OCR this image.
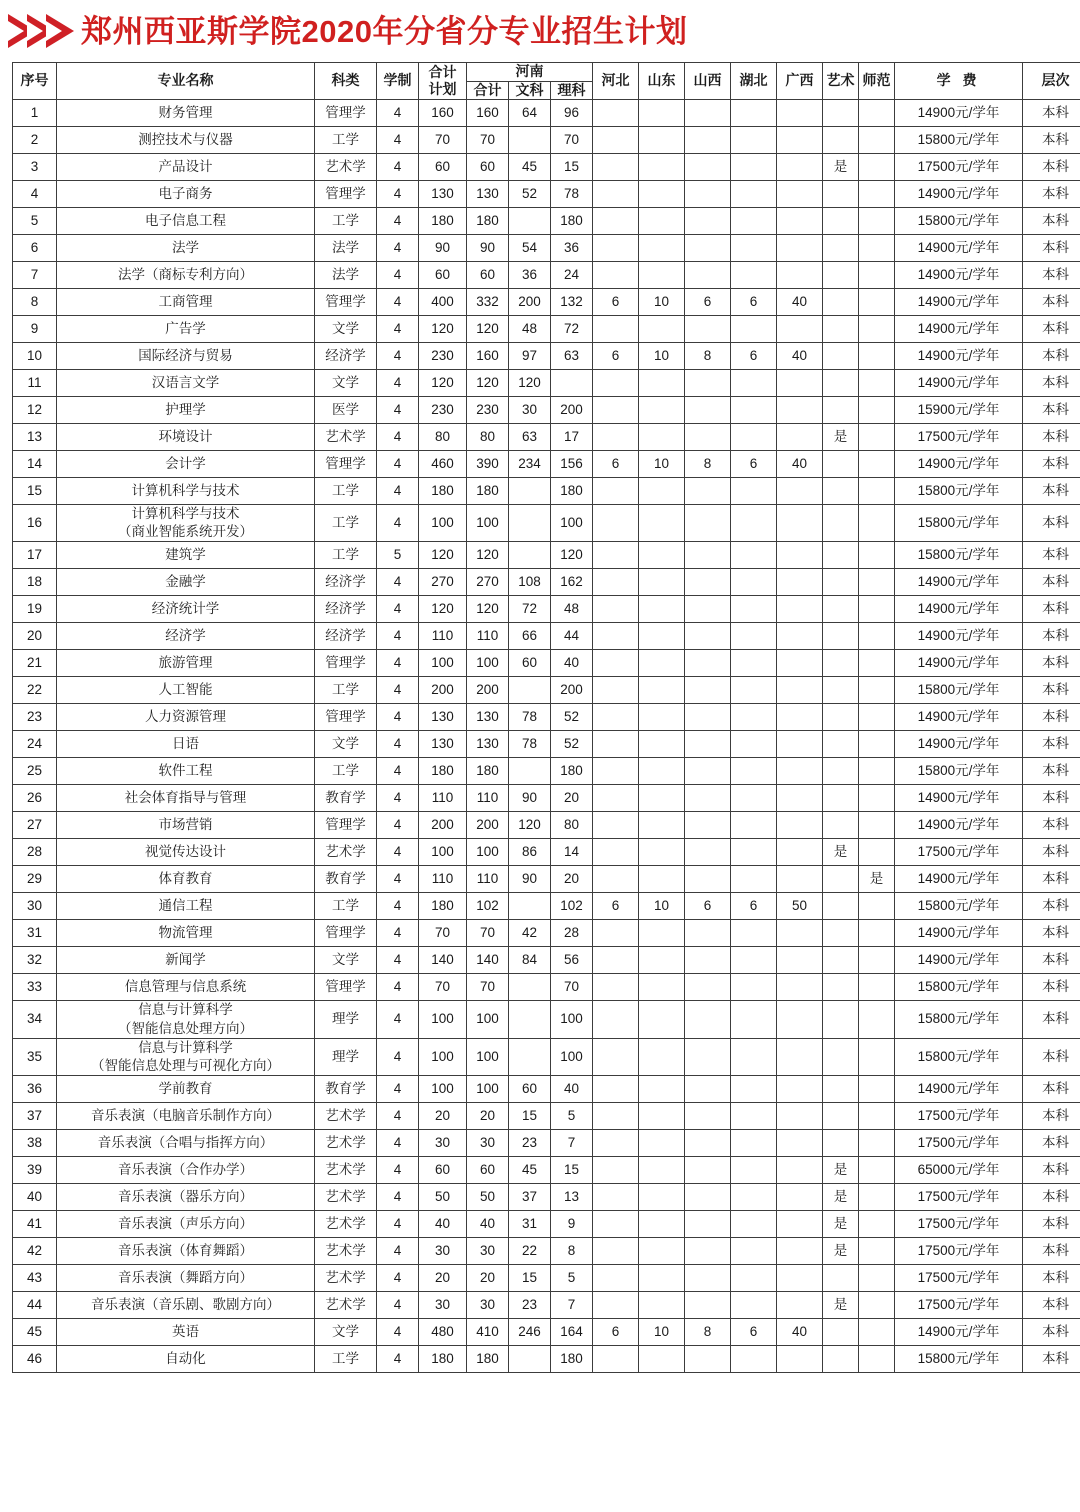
郑州西亚斯学院2020年分省分专业招生计划
序号	专业名称	科类	学制	合计
计划	河南			河北	山东	山西	湖北	广西	艺术	师范	学 费	层次
					合计	文科	理科									
1	财务管理	管理学	4	160	160	64	96								14900元/学年	本科
2	测控技术与仪器	工学	4	70	70		70								15800元/学年	本科
3	产品设计	艺术学	4	60	60	45	15						是		17500元/学年	本科
4	电子商务	管理学	4	130	130	52	78								14900元/学年	本科
5	电子信息工程	工学	4	180	180		180								15800元/学年	本科
6	法学	法学	4	90	90	54	36								14900元/学年	本科
7	法学（商标专利方向）	法学	4	60	60	36	24								14900元/学年	本科
8	工商管理	管理学	4	400	332	200	132	6	10	6	6	40			14900元/学年	本科
9	广告学	文学	4	120	120	48	72								14900元/学年	本科
10	国际经济与贸易	经济学	4	230	160	97	63	6	10	8	6	40			14900元/学年	本科
11	汉语言文学	文学	4	120	120	120									14900元/学年	本科
12	护理学	医学	4	230	230	30	200								15900元/学年	本科
13	环境设计	艺术学	4	80	80	63	17						是		17500元/学年	本科
14	会计学	管理学	4	460	390	234	156	6	10	8	6	40			14900元/学年	本科
15	计算机科学与技术	工学	4	180	180		180								15800元/学年	本科
16	计算机科学与技术
（商业智能系统开发）	工学	4	100	100		100								15800元/学年	本科
17	建筑学	工学	5	120	120		120								15800元/学年	本科
18	金融学	经济学	4	270	270	108	162								14900元/学年	本科
19	经济统计学	经济学	4	120	120	72	48								14900元/学年	本科
20	经济学	经济学	4	110	110	66	44								14900元/学年	本科
21	旅游管理	管理学	4	100	100	60	40								14900元/学年	本科
22	人工智能	工学	4	200	200		200								15800元/学年	本科
23	人力资源管理	管理学	4	130	130	78	52								14900元/学年	本科
24	日语	文学	4	130	130	78	52								14900元/学年	本科
25	软件工程	工学	4	180	180		180								15800元/学年	本科
26	社会体育指导与管理	教育学	4	110	110	90	20								14900元/学年	本科
27	市场营销	管理学	4	200	200	120	80								14900元/学年	本科
28	视觉传达设计	艺术学	4	100	100	86	14						是		17500元/学年	本科
29	体育教育	教育学	4	110	110	90	20							是	14900元/学年	本科
30	通信工程	工学	4	180	102		102	6	10	6	6	50			15800元/学年	本科
31	物流管理	管理学	4	70	70	42	28								14900元/学年	本科
32	新闻学	文学	4	140	140	84	56								14900元/学年	本科
33	信息管理与信息系统	管理学	4	70	70		70								15800元/学年	本科
34	信息与计算科学
（智能信息处理方向）	理学	4	100	100		100								15800元/学年	本科
35	信息与计算科学
（智能信息处理与可视化方向）	理学	4	100	100		100								15800元/学年	本科
36	学前教育	教育学	4	100	100	60	40								14900元/学年	本科
37	音乐表演（电脑音乐制作方向）	艺术学	4	20	20	15	5								17500元/学年	本科
38	音乐表演（合唱与指挥方向）	艺术学	4	30	30	23	7								17500元/学年	本科
39	音乐表演（合作办学）	艺术学	4	60	60	45	15						是		65000元/学年	本科
40	音乐表演（器乐方向）	艺术学	4	50	50	37	13						是		17500元/学年	本科
41	音乐表演（声乐方向）	艺术学	4	40	40	31	9						是		17500元/学年	本科
42	音乐表演（体育舞蹈）	艺术学	4	30	30	22	8						是		17500元/学年	本科
43	音乐表演（舞蹈方向）	艺术学	4	20	20	15	5								17500元/学年	本科
44	音乐表演（音乐剧、歌剧方向）	艺术学	4	30	30	23	7						是		17500元/学年	本科
45	英语	文学	4	480	410	246	164	6	10	8	6	40			14900元/学年	本科
46	自动化	工学	4	180	180		180								15800元/学年	本科
